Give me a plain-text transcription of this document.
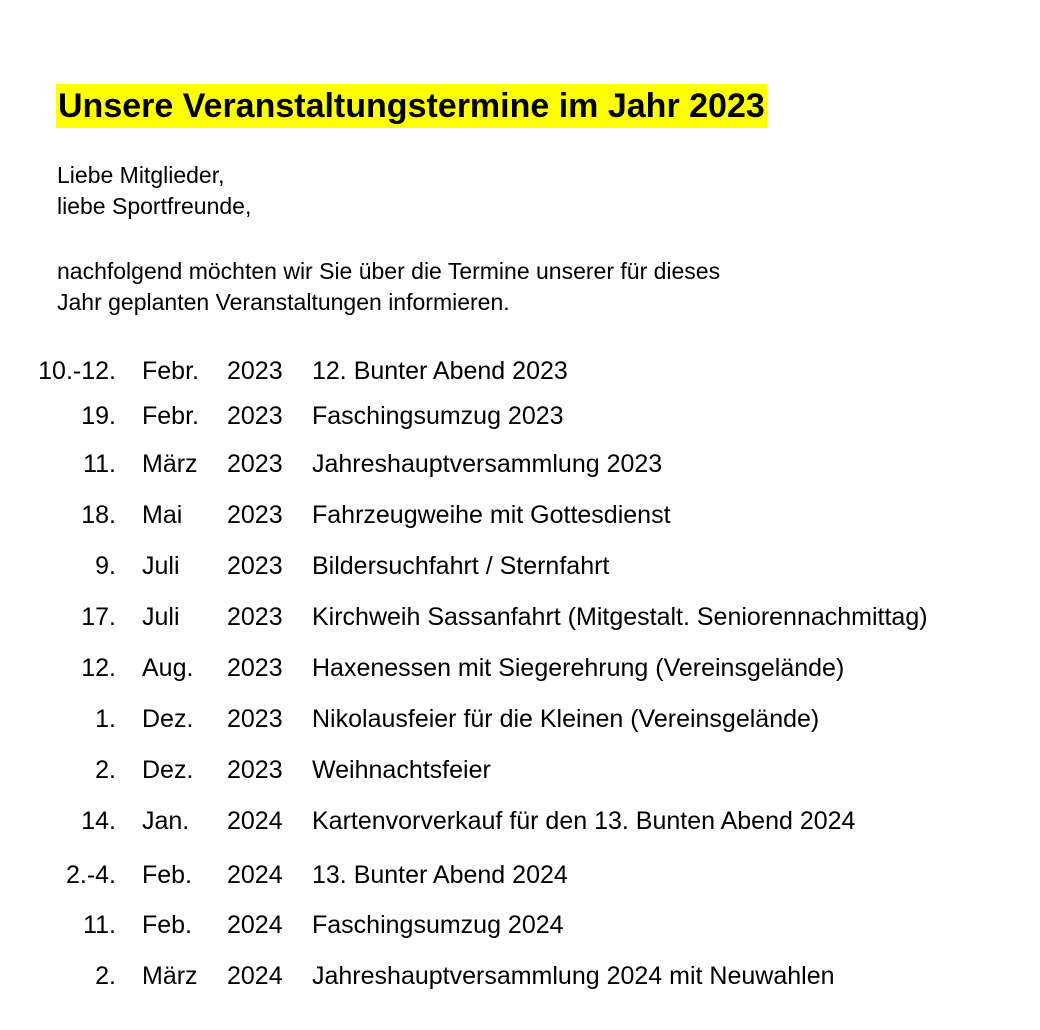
Unsere Veranstaltungstermine im Jahr 2023
Liebe Mitglieder,
liebe Sportfreunde,
nachfolgend möchten wir Sie über die Termine unserer für dieses
Jahr geplanten Veranstaltungen informieren.
10.-12. Febr. 2023 12. Bunter Abend 2023
19. Febr. 2023 Faschingsumzug 2023
11. März 2023 Jahreshauptversammlung 2023
18. Mai 2023 Fahrzeugweihe mit Gottesdienst
9. Juli 2023 Bildersuchfahrt / Sternfahrt
17. Juli 2023 Kirchweih Sassanfahrt (Mitgestalt. Seniorennachmittag)
12. Aug. 2023 Haxenessen mit Siegerehrung (Vereinsgelände)
1. Dez. 2023 Nikolausfeier für die Kleinen (Vereinsgelände)
2. Dez. 2023 Weihnachtsfeier
14. Jan. 2024 Kartenvorverkauf für den 13. Bunten Abend 2024
2.-4. Feb. 2024 13. Bunter Abend 2024
11. Feb. 2024 Faschingsumzug 2024
2. März 2024 Jahreshauptversammlung 2024 mit Neuwahlen
